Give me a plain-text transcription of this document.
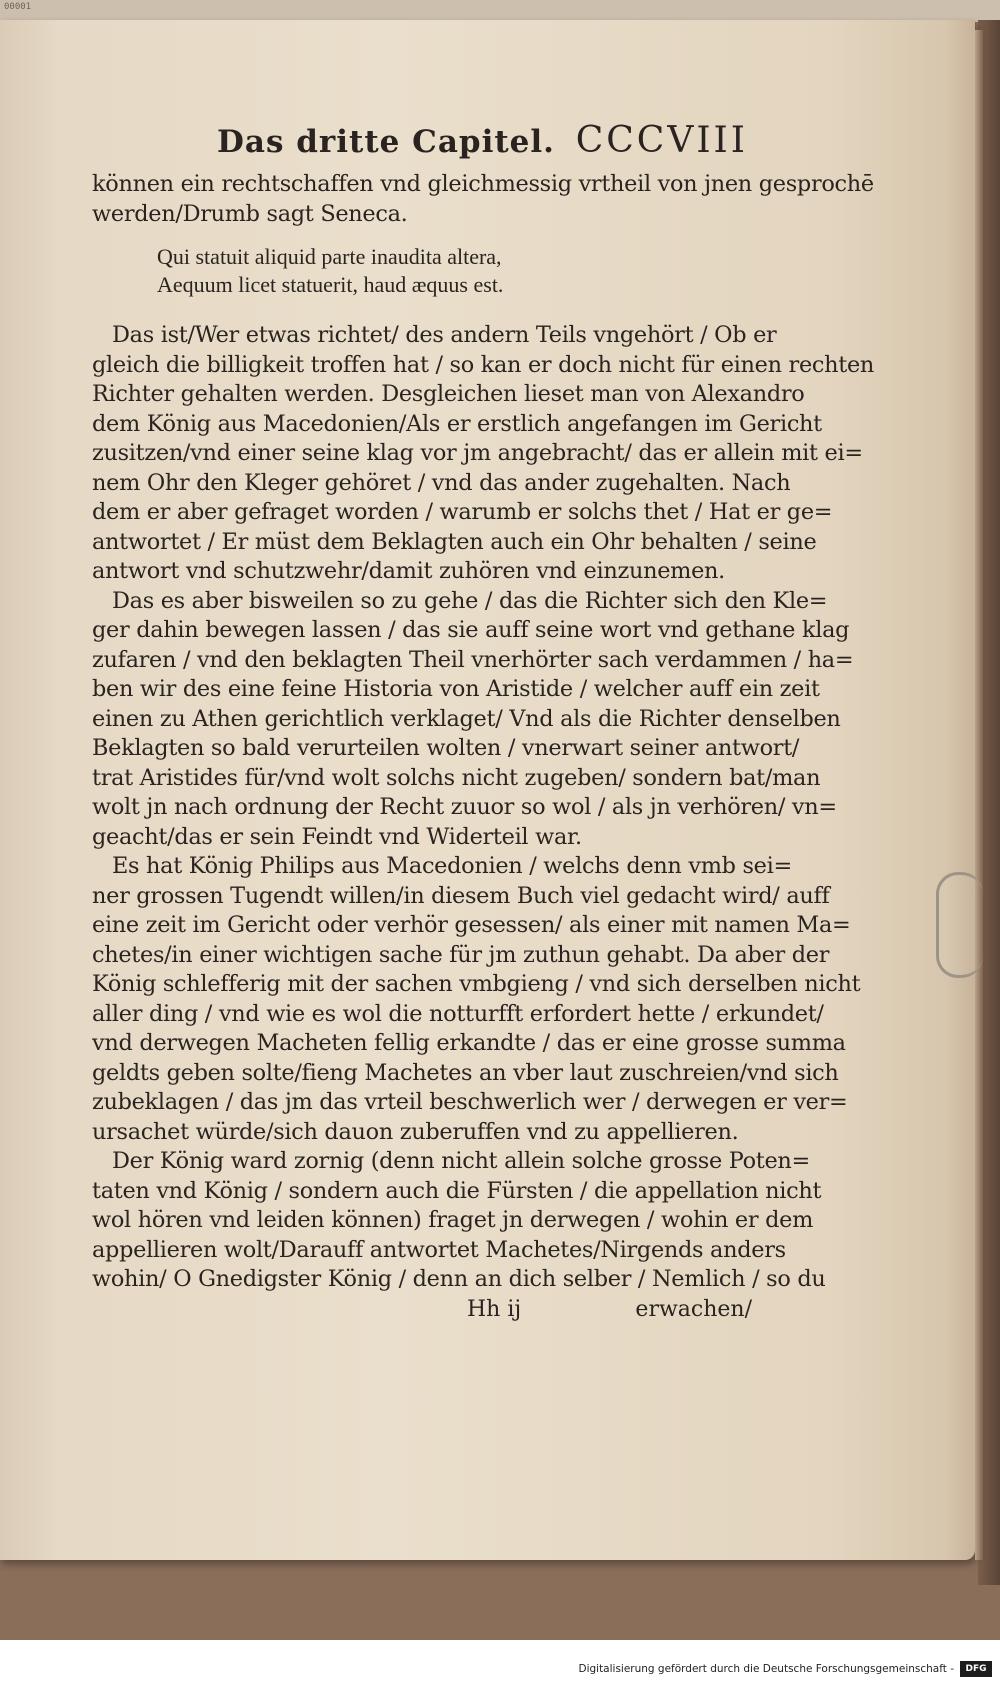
00001
Das dritte Capitel. CCCVIII
können ein rechtschaffen vnd gleichmessig vrtheil von jnen gesprochē
werden/Drumb sagt Seneca.
Qui statuit aliquid parte inaudita altera,
Aequum licet statuerit, haud æquus est.
Das ist/Wer etwas richtet/ des andern Teils vngehört / Ob er
gleich die billigkeit troffen hat / so kan er doch nicht für einen rechten
Richter gehalten werden. Desgleichen lieset man von Alexandro
dem König aus Macedonien/Als er erstlich angefangen im Gericht
zusitzen/vnd einer seine klag vor jm angebracht/ das er allein mit ei=
nem Ohr den Kleger gehöret / vnd das ander zugehalten. Nach
dem er aber gefraget worden / warumb er solchs thet / Hat er ge=
antwortet / Er müst dem Beklagten auch ein Ohr behalten / seine
antwort vnd schutzwehr/damit zuhören vnd einzunemen.
Das es aber bisweilen so zu gehe / das die Richter sich den Kle=
ger dahin bewegen lassen / das sie auff seine wort vnd gethane klag
zufaren / vnd den beklagten Theil vnerhörter sach verdammen / ha=
ben wir des eine feine Historia von Aristide / welcher auff ein zeit
einen zu Athen gerichtlich verklaget/ Vnd als die Richter denselben
Beklagten so bald verurteilen wolten / vnerwart seiner antwort/
trat Aristides für/vnd wolt solchs nicht zugeben/ sondern bat/man
wolt jn nach ordnung der Recht zuuor so wol / als jn verhören/ vn=
geacht/das er sein Feindt vnd Widerteil war.
Es hat König Philips aus Macedonien / welchs denn vmb sei=
ner grossen Tugendt willen/in diesem Buch viel gedacht wird/ auff
eine zeit im Gericht oder verhör gesessen/ als einer mit namen Ma=
chetes/in einer wichtigen sache für jm zuthun gehabt. Da aber der
König schlefferig mit der sachen vmbgieng / vnd sich derselben nicht
aller ding / vnd wie es wol die notturfft erfordert hette / erkundet/
vnd derwegen Macheten fellig erkandte / das er eine grosse summa
geldts geben solte/fieng Machetes an vber laut zuschreien/vnd sich
zubeklagen / das jm das vrteil beschwerlich wer / derwegen er ver=
ursachet würde/sich dauon zuberuffen vnd zu appellieren.
Der König ward zornig (denn nicht allein solche grosse Poten=
taten vnd König / sondern auch die Fürsten / die appellation nicht
wol hören vnd leiden können) fraget jn derwegen / wohin er dem
appellieren wolt/Darauff antwortet Machetes/Nirgends anders
wohin/ O Gnedigster König / denn an dich selber / Nemlich / so du
Hh ij	erwachen/
Digitalisierung gefördert durch die Deutsche Forschungsgemeinschaft -	DFG
